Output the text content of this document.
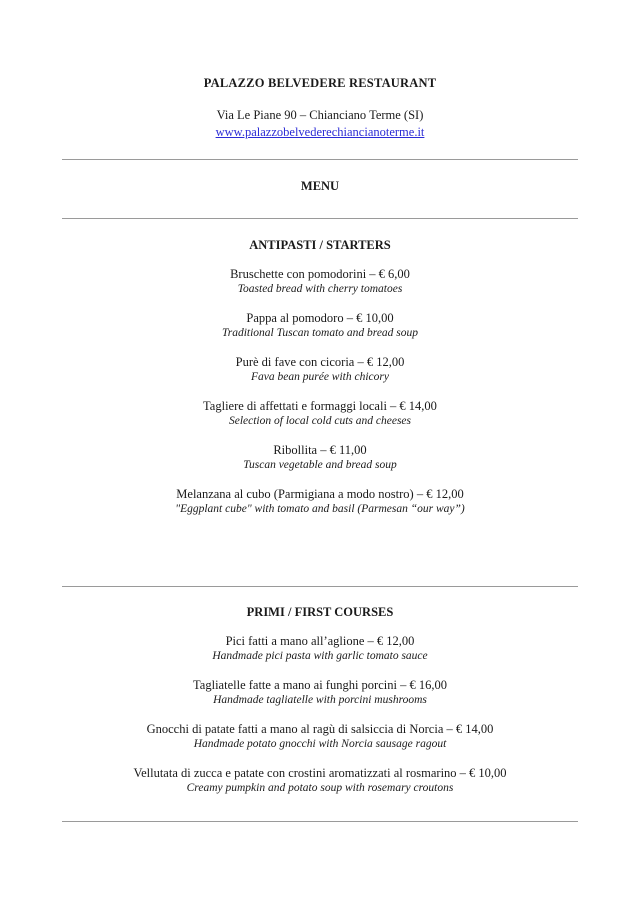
PALAZZO BELVEDERE RESTAURANT
Via Le Piane 90 – Chianciano Terme (SI)
www.palazzobelvederechiancianoterme.it
MENU
ANTIPASTI / STARTERS
Bruschette con pomodorini – € 6,00
Toasted bread with cherry tomatoes
Pappa al pomodoro – € 10,00
Traditional Tuscan tomato and bread soup
Purè di fave con cicoria – € 12,00
Fava bean purée with chicory
Tagliere di affettati e formaggi locali – € 14,00
Selection of local cold cuts and cheeses
Ribollita – € 11,00
Tuscan vegetable and bread soup
Melanzana al cubo (Parmigiana a modo nostro) – € 12,00
"Eggplant cube" with tomato and basil (Parmesan “our way”)
PRIMI / FIRST COURSES
Pici fatti a mano all’aglione – € 12,00
Handmade pici pasta with garlic tomato sauce
Tagliatelle fatte a mano ai funghi porcini – € 16,00
Handmade tagliatelle with porcini mushrooms
Gnocchi di patate fatti a mano al ragù di salsiccia di Norcia – € 14,00
Handmade potato gnocchi with Norcia sausage ragout
Vellutata di zucca e patate con crostini aromatizzati al rosmarino – € 10,00
Creamy pumpkin and potato soup with rosemary croutons
